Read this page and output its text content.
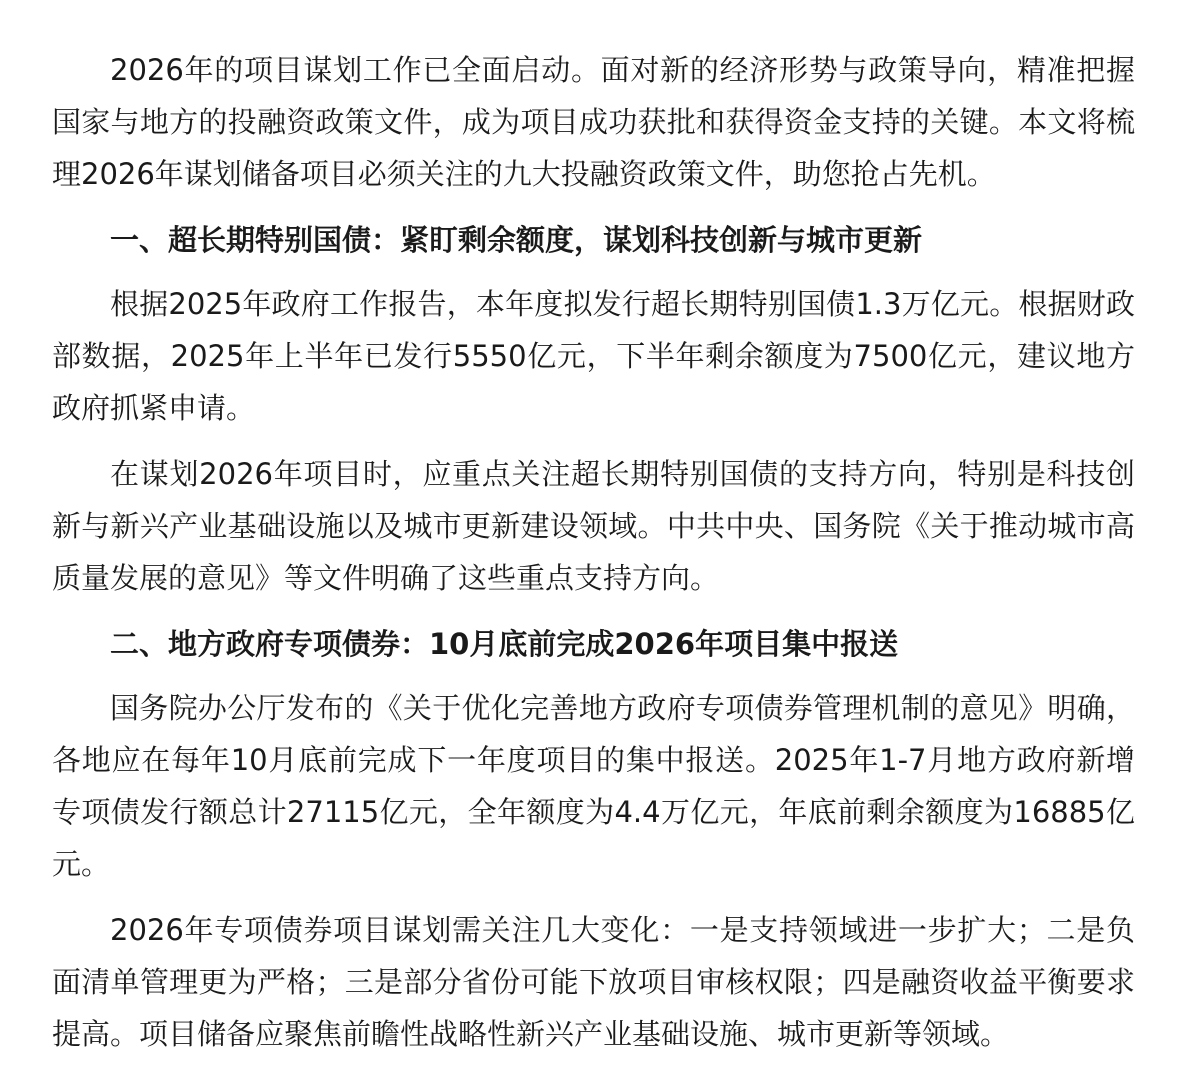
2026年的项目谋划工作已全面启动。面对新的经济形势与政策导向，精准把握国家与地方的投融资政策文件，成为项目成功获批和获得资金支持的关键。本文将梳理2026年谋划储备项目必须关注的九大投融资政策文件，助您抢占先机。

一、超长期特别国债：紧盯剩余额度，谋划科技创新与城市更新

根据2025年政府工作报告，本年度拟发行超长期特别国债1.3万亿元。根据财政部数据，2025年上半年已发行5550亿元，下半年剩余额度为7500亿元，建议地方政府抓紧申请。

在谋划2026年项目时，应重点关注超长期特别国债的支持方向，特别是科技创新与新兴产业基础设施以及城市更新建设领域。中共中央、国务院《关于推动城市高质量发展的意见》等文件明确了这些重点支持方向。

二、地方政府专项债券：10月底前完成2026年项目集中报送

国务院办公厅发布的《关于优化完善地方政府专项债券管理机制的意见》明确，各地应在每年10月底前完成下一年度项目的集中报送。2025年1-7月地方政府新增专项债发行额总计27115亿元，全年额度为4.4万亿元，年底前剩余额度为16885亿元。

2026年专项债券项目谋划需关注几大变化：一是支持领域进一步扩大；二是负面清单管理更为严格；三是部分省份可能下放项目审核权限；四是融资收益平衡要求提高。项目储备应聚焦前瞻性战略性新兴产业基础设施、城市更新等领域。
